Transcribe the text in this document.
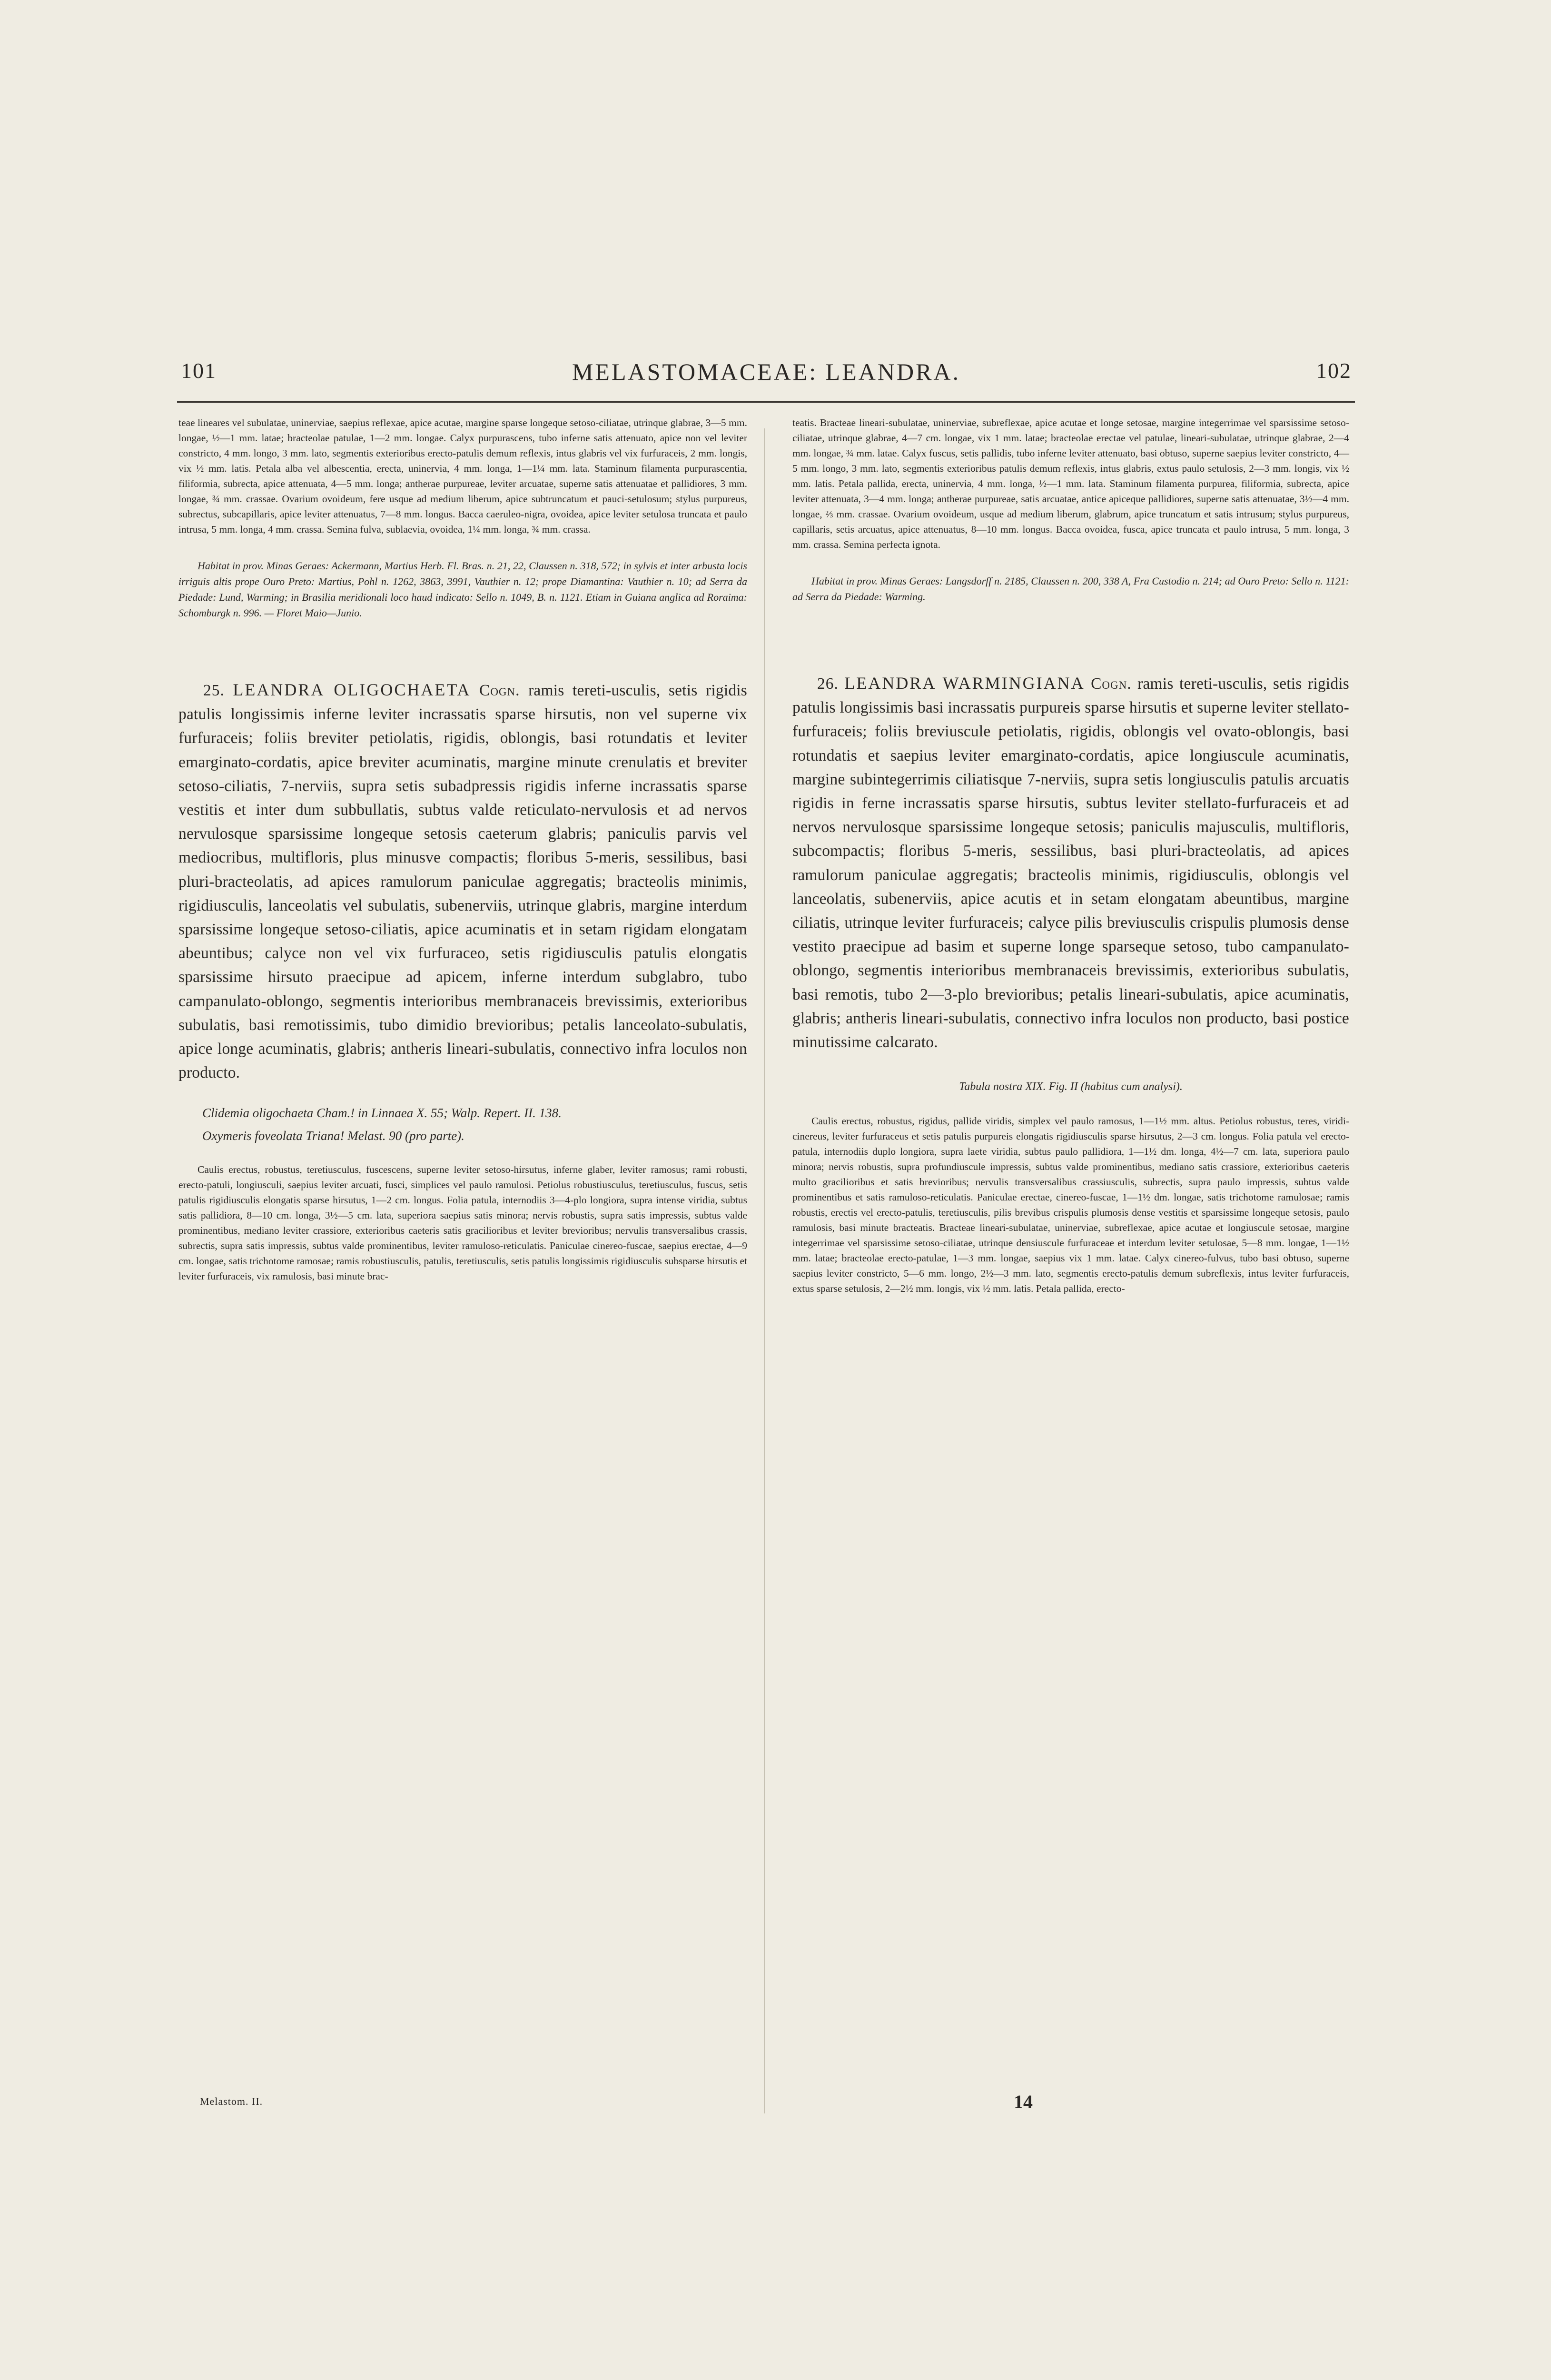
101	MELASTOMACEAE: LEANDRA.	102

teae lineares vel subulatae, uninerviae, saepius reflexae, apice acutae, margine sparse longeque setoso-ciliatae, utrinque glabrae, 3—5 mm. longae, ½—1 mm. latae; bracteolae patulae, 1—2 mm. longae. Calyx purpurascens, tubo inferne satis attenuato, apice non vel leviter constricto, 4 mm. longo, 3 mm. lato, segmentis exterioribus erecto-patulis demum reflexis, intus glabris vel vix furfuraceis, 2 mm. longis, vix ½ mm. latis. Petala alba vel albescentia, erecta, uninervia, 4 mm. longa, 1—1¼ mm. lata. Staminum filamenta purpurascentia, filiformia, subrecta, apice attenuata, 4—5 mm. longa; antherae purpureae, leviter arcuatae, superne satis attenuatae et pallidiores, 3 mm. longae, ¾ mm. crassae. Ovarium ovoideum, fere usque ad medium liberum, apice subtruncatum et pauci-setulosum; stylus purpureus, subrectus, subcapillaris, apice leviter attenuatus, 7—8 mm. longus. Bacca caeruleo-nigra, ovoidea, apice leviter setulosa truncata et paulo intrusa, 5 mm. longa, 4 mm. crassa. Semina fulva, sublaevia, ovoidea, 1¼ mm. longa, ¾ mm. crassa.

Habitat in prov. Minas Geraes: Ackermann, Martius Herb. Fl. Bras. n. 21, 22, Claussen n. 318, 572; in sylvis et inter arbusta locis irriguis altis prope Ouro Preto: Martius, Pohl n. 1262, 3863, 3991, Vauthier n. 12; prope Diamantina: Vauthier n. 10; ad Serra da Piedade: Lund, Warming; in Brasilia meridionali loco haud indicato: Sello n. 1049, B. n. 1121. Etiam in Guiana anglica ad Roraima: Schomburgk n. 996. — Floret Maio—Junio.

25. LEANDRA OLIGOCHAETA Cogn. ramis tereti-usculis, setis rigidis patulis longissimis inferne leviter incrassatis sparse hirsutis, non vel superne vix furfuraceis; foliis breviter petiolatis, rigidis, oblongis, basi rotundatis et leviter emarginato-cordatis, apice breviter acuminatis, margine minute crenulatis et breviter setoso-ciliatis, 7-nerviis, supra setis subadpressis rigidis inferne incrassatis sparse vestitis et inter dum subbullatis, subtus valde reticulato-nervulosis et ad nervos nervulosque sparsissime longeque setosis caeterum glabris; paniculis parvis vel mediocribus, multifloris, plus minusve compactis; floribus 5-meris, sessilibus, basi pluri-bracteolatis, ad apices ramulorum paniculae aggregatis; bracteolis minimis, rigidiusculis, lanceolatis vel subulatis, subenerviis, utrinque glabris, margine interdum sparsissime longeque setoso-ciliatis, apice acuminatis et in setam rigidam elongatam abeuntibus; calyce non vel vix furfuraceo, setis rigidiusculis patulis elongatis sparsissime hirsuto praecipue ad apicem, inferne interdum subglabro, tubo campanulato-oblongo, segmentis interioribus membranaceis brevissimis, exterioribus subulatis, basi remotissimis, tubo dimidio brevioribus; petalis lanceolato-subulatis, apice longe acuminatis, glabris; antheris lineari-subulatis, connectivo infra loculos non producto.

Clidemia oligochaeta Cham.! in Linnaea X. 55; Walp. Repert. II. 138.

Oxymeris foveolata Triana! Melast. 90 (pro parte).

Caulis erectus, robustus, teretiusculus, fuscescens, superne leviter setoso-hirsutus, inferne glaber, leviter ramosus; rami robusti, erecto-patuli, longiusculi, saepius leviter arcuati, fusci, simplices vel paulo ramulosi. Petiolus robustiusculus, teretiusculus, fuscus, setis patulis rigidiusculis elongatis sparse hirsutus, 1—2 cm. longus. Folia patula, internodiis 3—4-plo longiora, supra intense viridia, subtus satis pallidiora, 8—10 cm. longa, 3½—5 cm. lata, superiora saepius satis minora; nervis robustis, supra satis impressis, subtus valde prominentibus, mediano leviter crassiore, exterioribus caeteris satis gracilioribus et leviter brevioribus; nervulis transversalibus crassis, subrectis, supra satis impressis, subtus valde prominentibus, leviter ramuloso-reticulatis. Paniculae cinereo-fuscae, saepius erectae, 4—9 cm. longae, satis trichotome ramosae; ramis robustiusculis, patulis, teretiusculis, setis patulis longissimis rigidiusculis subsparse hirsutis et leviter furfuraceis, vix ramulosis, basi minute brac-

teatis. Bracteae lineari-subulatae, uninerviae, subreflexae, apice acutae et longe setosae, margine integerrimae vel sparsissime setoso-ciliatae, utrinque glabrae, 4—7 cm. longae, vix 1 mm. latae; bracteolae erectae vel patulae, lineari-subulatae, utrinque glabrae, 2—4 mm. longae, ¾ mm. latae. Calyx fuscus, setis pallidis, tubo inferne leviter attenuato, basi obtuso, superne saepius leviter constricto, 4—5 mm. longo, 3 mm. lato, segmentis exterioribus patulis demum reflexis, intus glabris, extus paulo setulosis, 2—3 mm. longis, vix ½ mm. latis. Petala pallida, erecta, uninervia, 4 mm. longa, ½—1 mm. lata. Staminum filamenta purpurea, filiformia, subrecta, apice leviter attenuata, 3—4 mm. longa; antherae purpureae, satis arcuatae, antice apiceque pallidiores, superne satis attenuatae, 3½—4 mm. longae, ⅔ mm. crassae. Ovarium ovoideum, usque ad medium liberum, glabrum, apice truncatum et satis intrusum; stylus purpureus, capillaris, setis arcuatus, apice attenuatus, 8—10 mm. longus. Bacca ovoidea, fusca, apice truncata et paulo intrusa, 5 mm. longa, 3 mm. crassa. Semina perfecta ignota.

Habitat in prov. Minas Geraes: Langsdorff n. 2185, Claussen n. 200, 338 A, Fra Custodio n. 214; ad Ouro Preto: Sello n. 1121: ad Serra da Piedade: Warming.

26. LEANDRA WARMINGIANA Cogn. ramis tereti-usculis, setis rigidis patulis longissimis basi incrassatis purpureis sparse hirsutis et superne leviter stellato-furfuraceis; foliis breviuscule petiolatis, rigidis, oblongis vel ovato-oblongis, basi rotundatis et saepius leviter emarginato-cordatis, apice longiuscule acuminatis, margine subintegerrimis ciliatisque 7-nerviis, supra setis longiusculis patulis arcuatis rigidis in ferne incrassatis sparse hirsutis, subtus leviter stellato-furfuraceis et ad nervos nervulosque sparsissime longeque setosis; paniculis majusculis, multifloris, subcompactis; floribus 5-meris, sessilibus, basi pluri-bracteolatis, ad apices ramulorum paniculae aggregatis; bracteolis minimis, rigidiusculis, oblongis vel lanceolatis, subenerviis, apice acutis et in setam elongatam abeuntibus, margine ciliatis, utrinque leviter furfuraceis; calyce pilis breviusculis crispulis plumosis dense vestito praecipue ad basim et superne longe sparseque setoso, tubo campanulato-oblongo, segmentis interioribus membranaceis brevissimis, exterioribus subulatis, basi remotis, tubo 2—3-plo brevioribus; petalis lineari-subulatis, apice acuminatis, glabris; antheris lineari-subulatis, connectivo infra loculos non producto, basi postice minutissime calcarato.

Tabula nostra XIX. Fig. II (habitus cum analysi).

Caulis erectus, robustus, rigidus, pallide viridis, simplex vel paulo ramosus, 1—1½ mm. altus. Petiolus robustus, teres, viridi-cinereus, leviter furfuraceus et setis patulis purpureis elongatis rigidiusculis sparse hirsutus, 2—3 cm. longus. Folia patula vel erecto-patula, internodiis duplo longiora, supra laete viridia, subtus paulo pallidiora, 1—1½ dm. longa, 4½—7 cm. lata, superiora paulo minora; nervis robustis, supra profundiuscule impressis, subtus valde prominentibus, mediano satis crassiore, exterioribus caeteris multo gracilioribus et satis brevioribus; nervulis transversalibus crassiusculis, subrectis, supra paulo impressis, subtus valde prominentibus et satis ramuloso-reticulatis. Paniculae erectae, cinereo-fuscae, 1—1½ dm. longae, satis trichotome ramulosae; ramis robustis, erectis vel erecto-patulis, teretiusculis, pilis brevibus crispulis plumosis dense vestitis et sparsissime longeque setosis, paulo ramulosis, basi minute bracteatis. Bracteae lineari-subulatae, uninerviae, subreflexae, apice acutae et longiuscule setosae, margine integerrimae vel sparsissime setoso-ciliatae, utrinque densiuscule furfuraceae et interdum leviter setulosae, 5—8 mm. longae, 1—1½ mm. latae; bracteolae erecto-patulae, 1—3 mm. longae, saepius vix 1 mm. latae. Calyx cinereo-fulvus, tubo basi obtuso, superne saepius leviter constricto, 5—6 mm. longo, 2½—3 mm. lato, segmentis erecto-patulis demum subreflexis, intus leviter furfuraceis, extus sparse setulosis, 2—2½ mm. longis, vix ½ mm. latis. Petala pallida, erecto-

Melastom. II.	14
